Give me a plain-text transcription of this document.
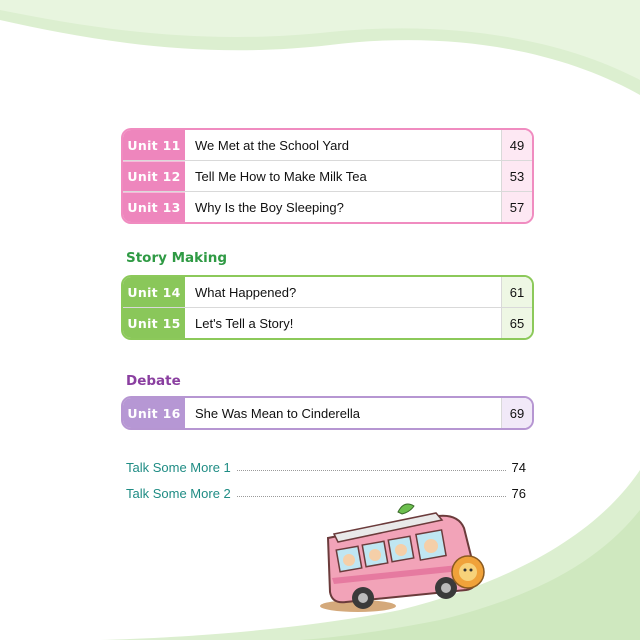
Unit 11	We Met at the School Yard	49
Unit 12	Tell Me How to Make Milk Tea	53
Unit 13	Why Is the Boy Sleeping?	57
Story Making
Unit 14	What Happened?	61
Unit 15	Let's Tell a Story!	65
Debate
Unit 16	She Was Mean to Cinderella	69
Talk Some More 1	74
Talk Some More 2	76
